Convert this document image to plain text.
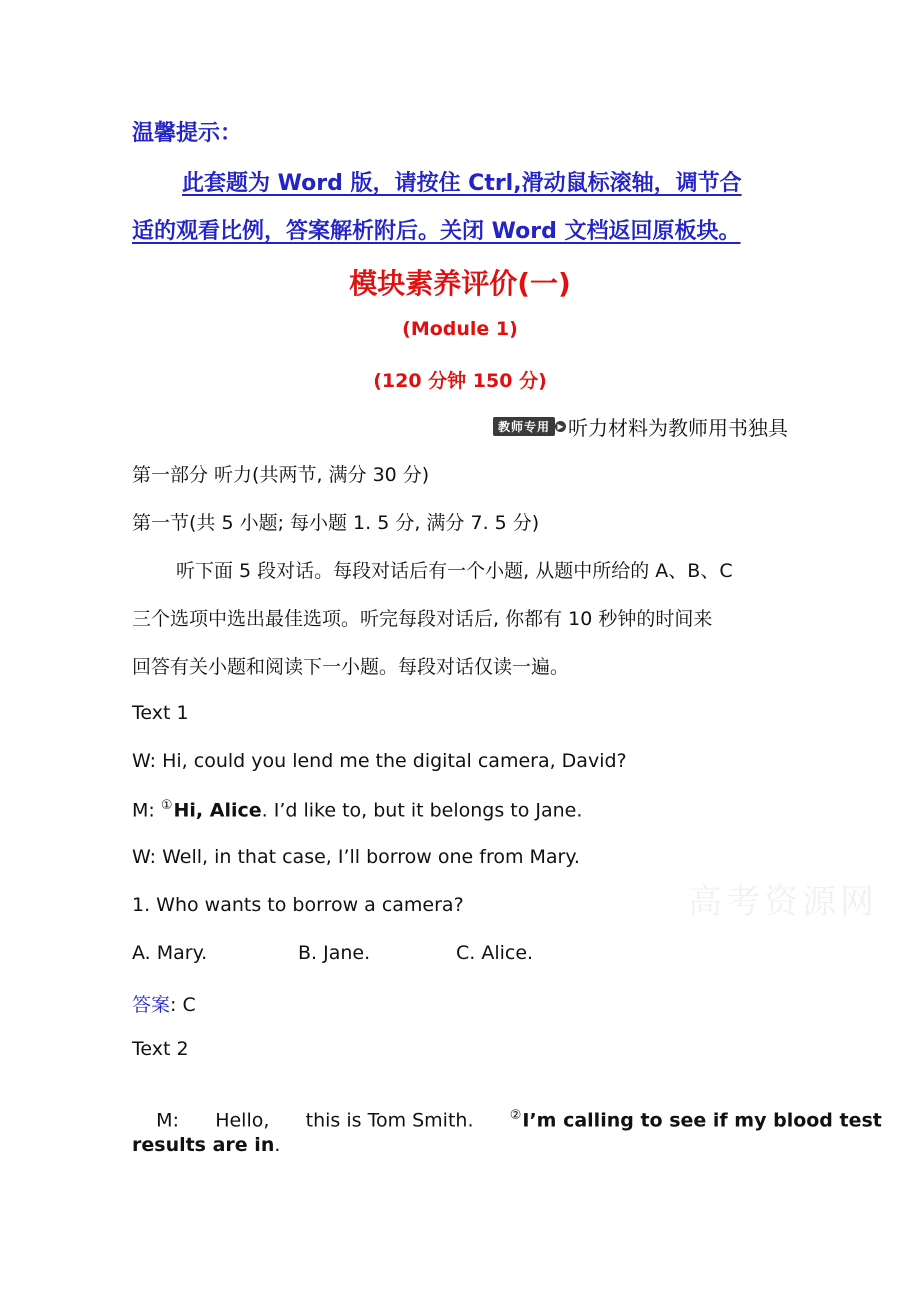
温馨提示：
此套题为 Word 版，请按住 Ctrl,滑动鼠标滚轴，调节合
适的观看比例，答案解析附后。关闭 Word 文档返回原板块。
模块素养评价(一)
(Module 1)
(120 分钟 150 分)
教师专用 ▶ 听力材料为教师用书独具
第一部分 听力(共两节, 满分 30 分)
第一节(共 5 小题; 每小题 1. 5 分, 满分 7. 5 分)
听下面 5 段对话。每段对话后有一个小题, 从题中所给的 A、B、C
三个选项中选出最佳选项。听完每段对话后, 你都有 10 秒钟的时间来
回答有关小题和阅读下一小题。每段对话仅读一遍。
Text 1
W: Hi, could you lend me the digital camera, David?
M: ①Hi, Alice. I’d like to, but it belongs to Jane.
W: Well, in that case, I’ll borrow one from Mary.
1. Who wants to borrow a camera?
A. Mary.	B. Jane.	C. Alice.
答案: C
Text 2

M:      Hello,      this is Tom Smith.      ②I’m calling to see if my blood test

results are in.
高考资源网
